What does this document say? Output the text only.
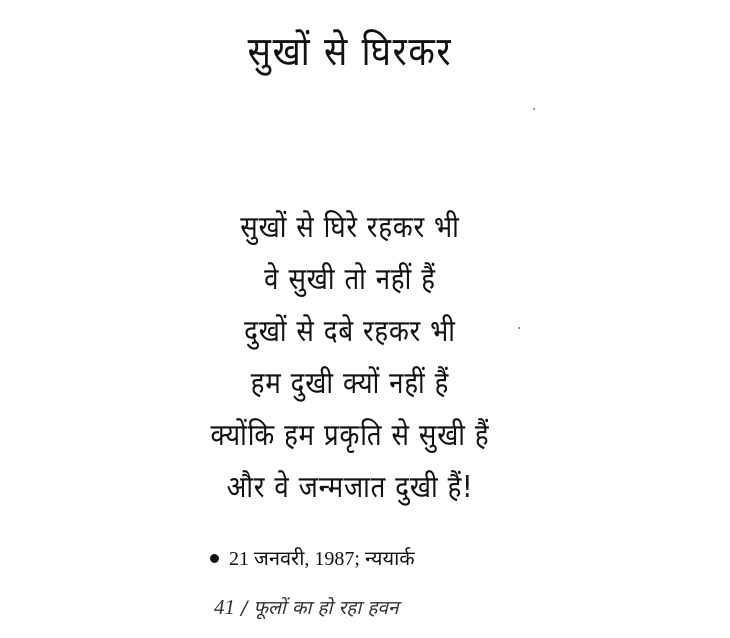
सुखों से घिरकर
सुखों से घिरे रहकर भी
वे सुखी तो नहीं हैं
दुखों से दबे रहकर भी
हम दुखी क्यों नहीं हैं
क्योंकि हम प्रकृति से सुखी हैं
और वे जन्मजात दुखी हैं!
21 जनवरी, 1987; न्ययार्क
41 / फूलों का हो रहा हवन
